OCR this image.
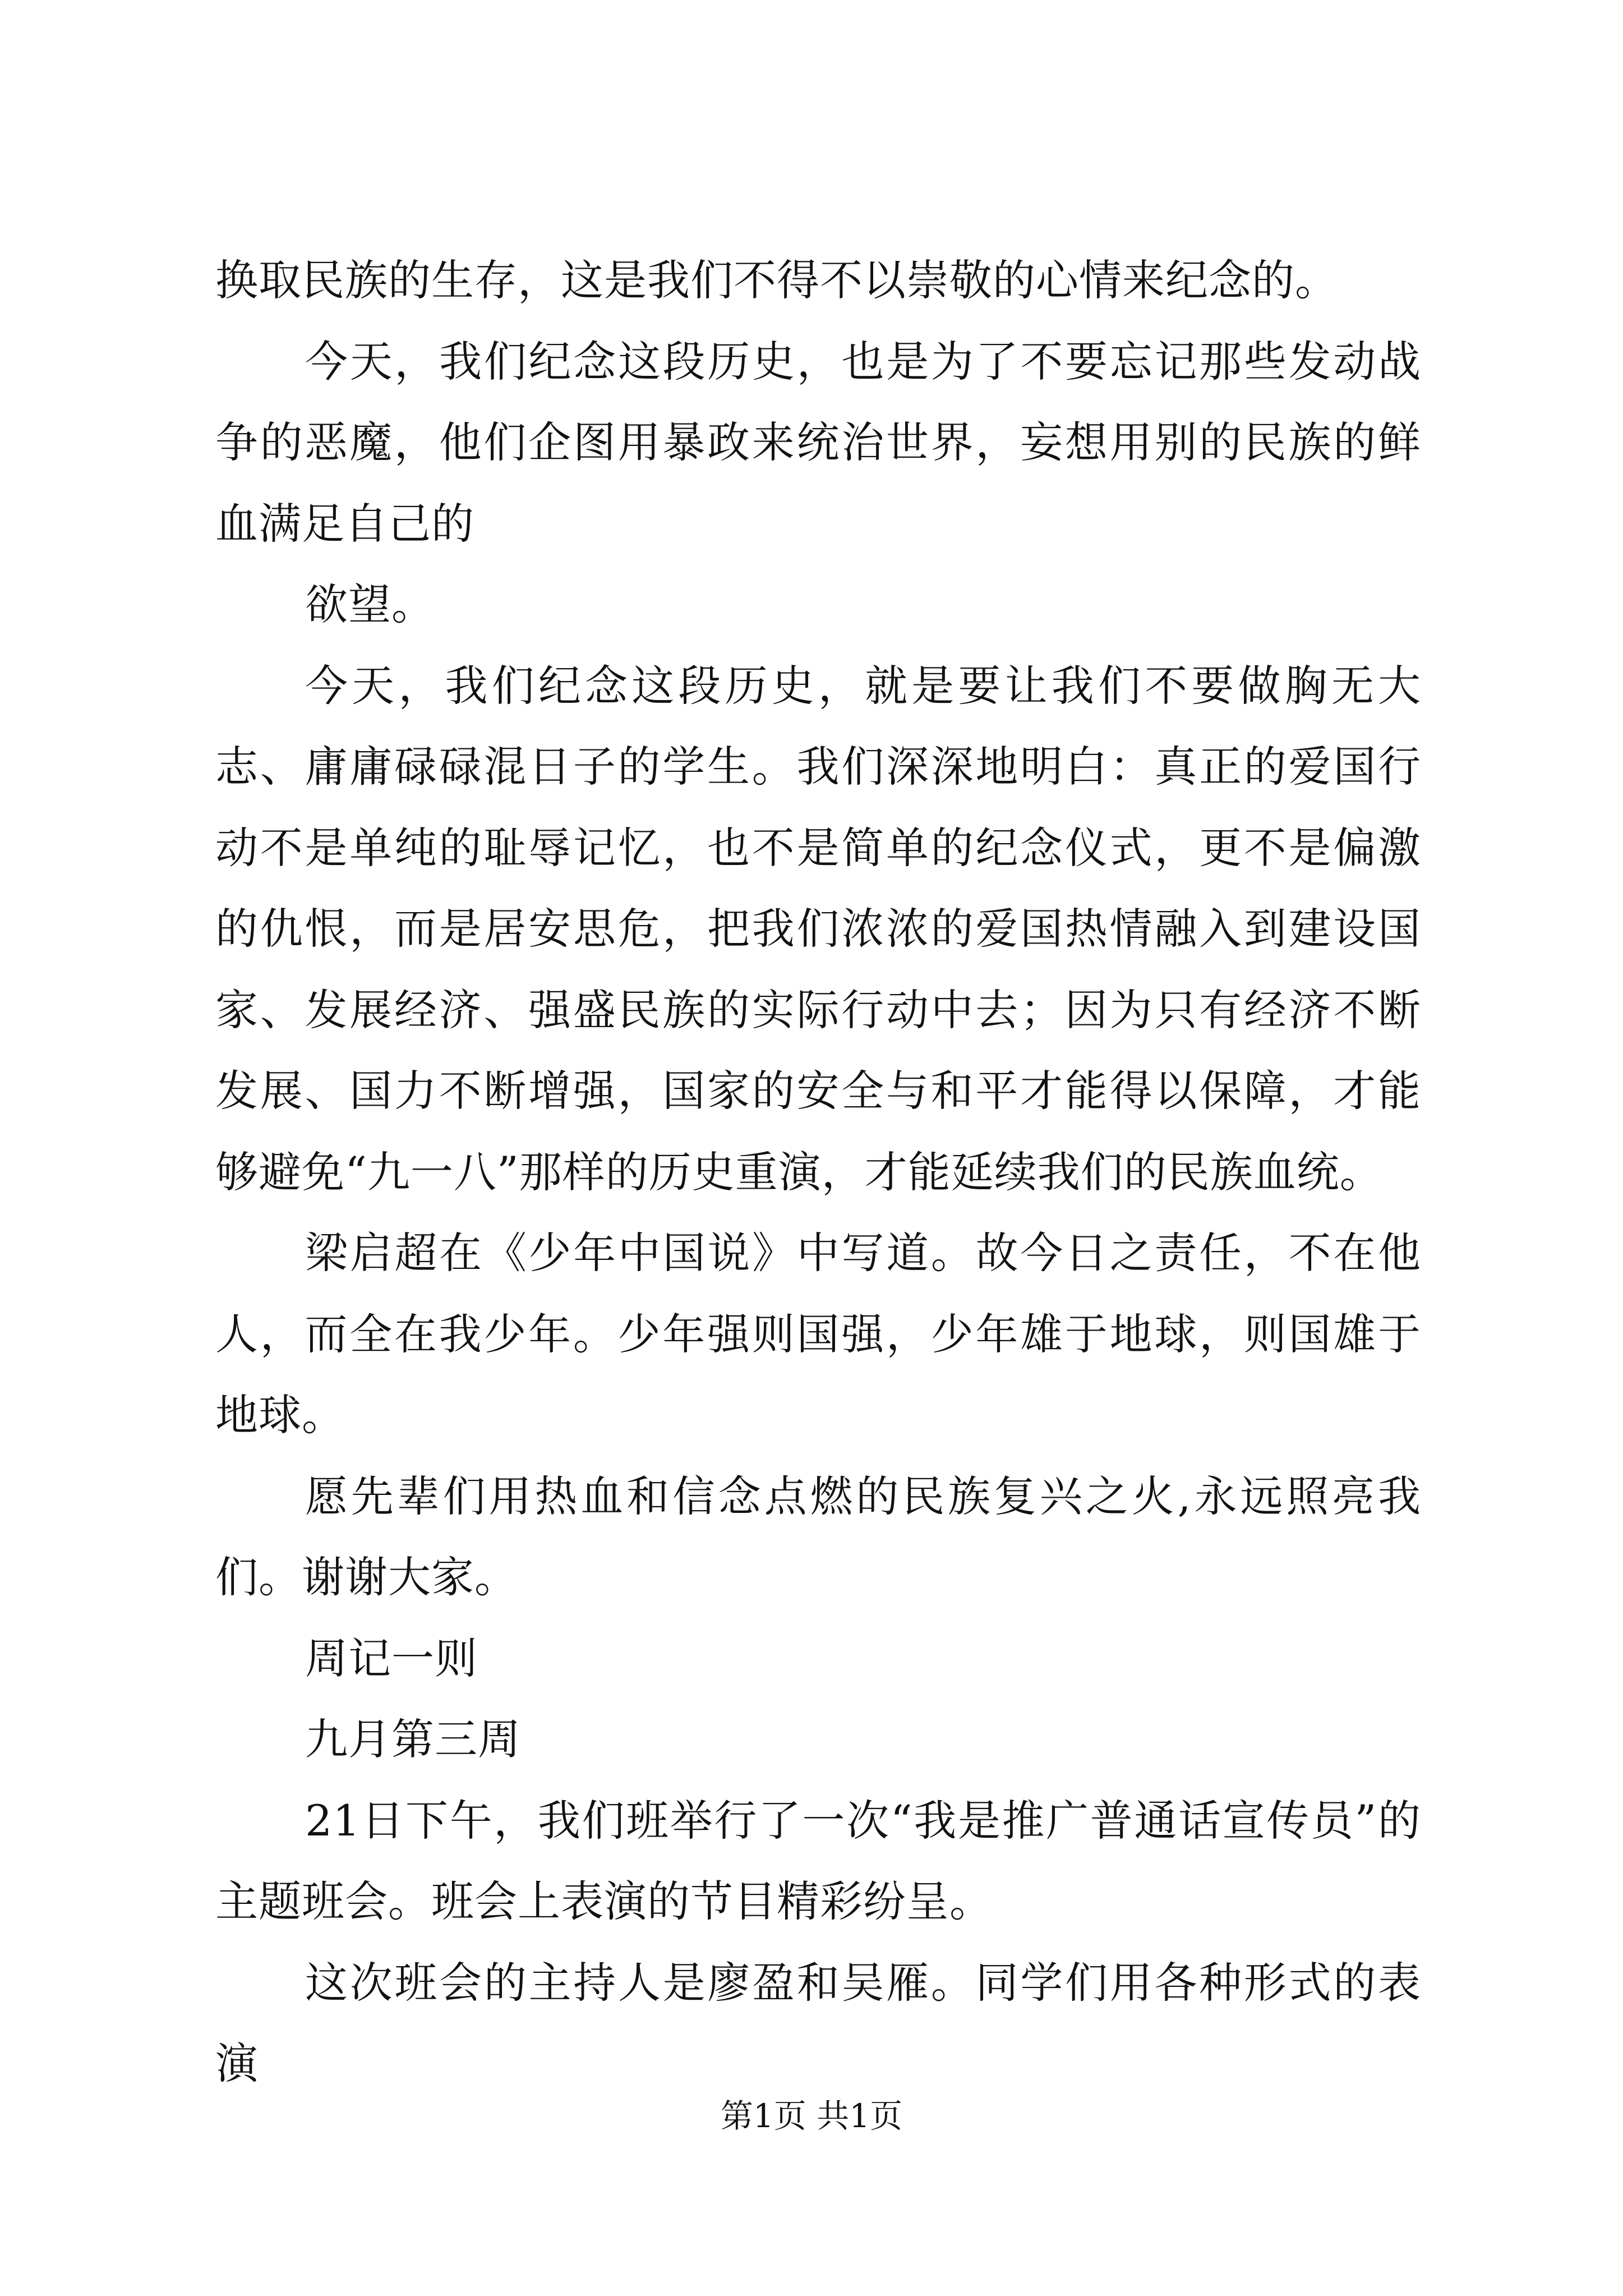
换取民族的生存，这是我们不得不以崇敬的心情来纪念的。

今天，我们纪念这段历史，也是为了不要忘记那些发动战争的恶魔，他们企图用暴政来统治世界，妄想用别的民族的鲜血满足自己的

欲望。

今天，我们纪念这段历史，就是要让我们不要做胸无大志、庸庸碌碌混日子的学生。我们深深地明白：真正的爱国行动不是单纯的耻辱记忆，也不是简单的纪念仪式，更不是偏激的仇恨，而是居安思危，把我们浓浓的爱国热情融入到建设国家、发展经济、强盛民族的实际行动中去；因为只有经济不断发展、国力不断增强，国家的安全与和平才能得以保障，才能够避免“九一八”那样的历史重演，才能延续我们的民族血统。

梁启超在《少年中国说》中写道。故今日之责任，不在他人，而全在我少年。少年强则国强，少年雄于地球，则国雄于地球。

愿先辈们用热血和信念点燃的民族复兴之火,永远照亮我们。谢谢大家。

周记一则

九月第三周

21日下午，我们班举行了一次“我是推广普通话宣传员”的主题班会。班会上表演的节目精彩纷呈。

这次班会的主持人是廖盈和吴雁。同学们用各种形式的表演

第1页 共1页
